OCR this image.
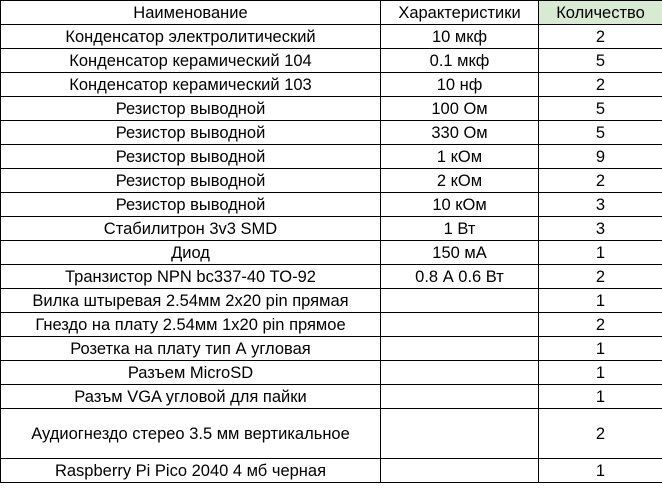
Наименование	Характеристики	Количество
Конденсатор электролитический	10 мкф	2
Конденсатор керамический 104	0.1 мкф	5
Конденсатор керамический 103	10 нф	2
Резистор выводной	100 Ом	5
Резистор выводной	330 Ом	5
Резистор выводной	1 кОм	9
Резистор выводной	2 кОм	2
Резистор выводной	10 кОм	3
Стабилитрон 3v3 SMD	1 Вт	3
Диод	150 мА	1
Транзистор NPN bc337-40 TO-92	0.8 А 0.6 Вт	2
Вилка штыревая 2.54мм 2x20 pin прямая		1
Гнездо на плату 2.54мм 1x20 pin прямое		2
Розетка на плату тип А угловая		1
Разъем MicroSD		1
Разъм VGA угловой для пайки		1
Аудиогнездо стерео 3.5 мм вертикальное		2
Raspberry Pi Pico 2040 4 мб черная		1
